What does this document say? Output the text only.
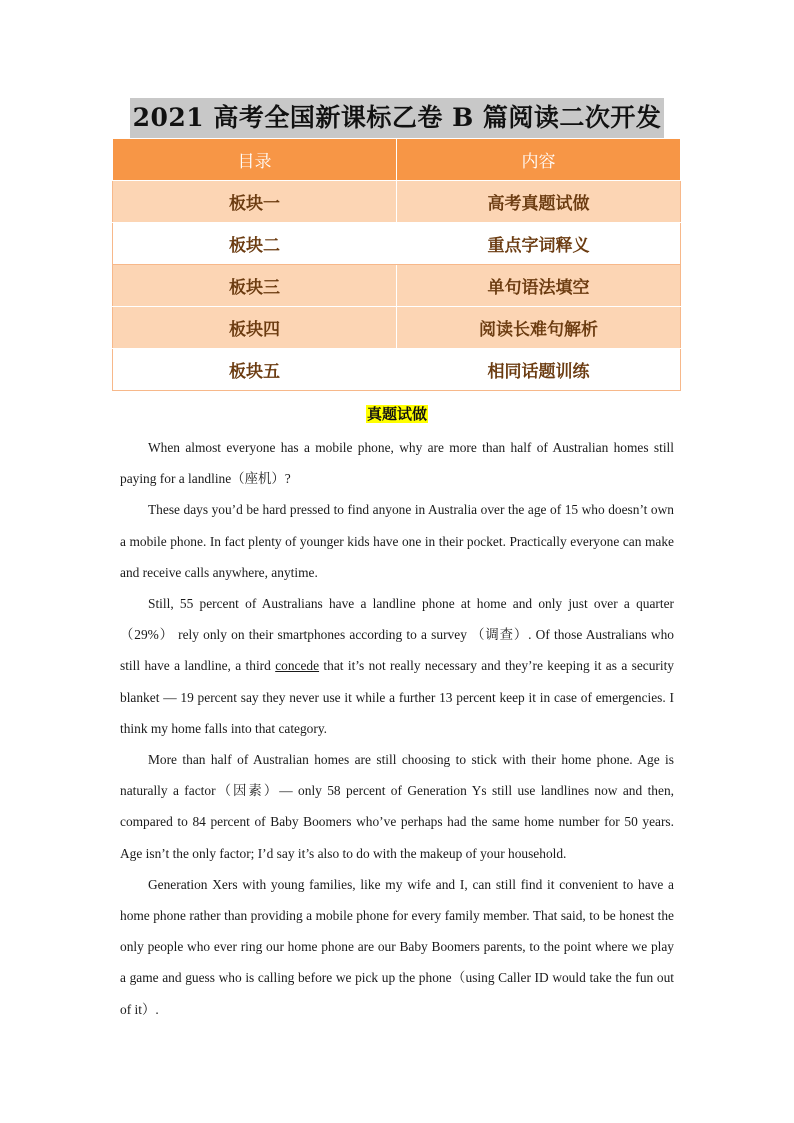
2021 高考全国新课标乙卷 B 篇阅读二次开发
目录	内容
板块一	高考真题试做
板块二	重点字词释义
板块三	单句语法填空
板块四	阅读长难句解析
板块五	相同话题训练
真题试做

When almost everyone has a mobile phone, why are more than half of Australian homes still paying for a landline（座机）?

These days you’d be hard pressed to find anyone in Australia over the age of 15 who doesn’t own a mobile phone. In fact plenty of younger kids have one in their pocket. Practically everyone can make and receive calls anywhere, anytime.

Still, 55 percent of Australians have a landline phone at home and only just over a quarter（29%） rely only on their smartphones according to a survey （调查）. Of those Australians who still have a landline, a third concede that it’s not really necessary and they’re keeping it as a security blanket — 19 percent say they never use it while a further 13 percent keep it in case of emergencies. I think my home falls into that category.

More than half of Australian homes are still choosing to stick with their home phone. Age is naturally a factor（因素）— only 58 percent of Generation Ys still use landlines now and then, compared to 84 percent of Baby Boomers who’ve perhaps had the same home number for 50 years. Age isn’t the only factor; I’d say it’s also to do with the makeup of your household.

Generation Xers with young families, like my wife and I, can still find it convenient to have a home phone rather than providing a mobile phone for every family member. That said, to be honest the only people who ever ring our home phone are our Baby Boomers parents, to the point where we play a game and guess who is calling before we pick up the phone（using Caller ID would take the fun out of it）.
